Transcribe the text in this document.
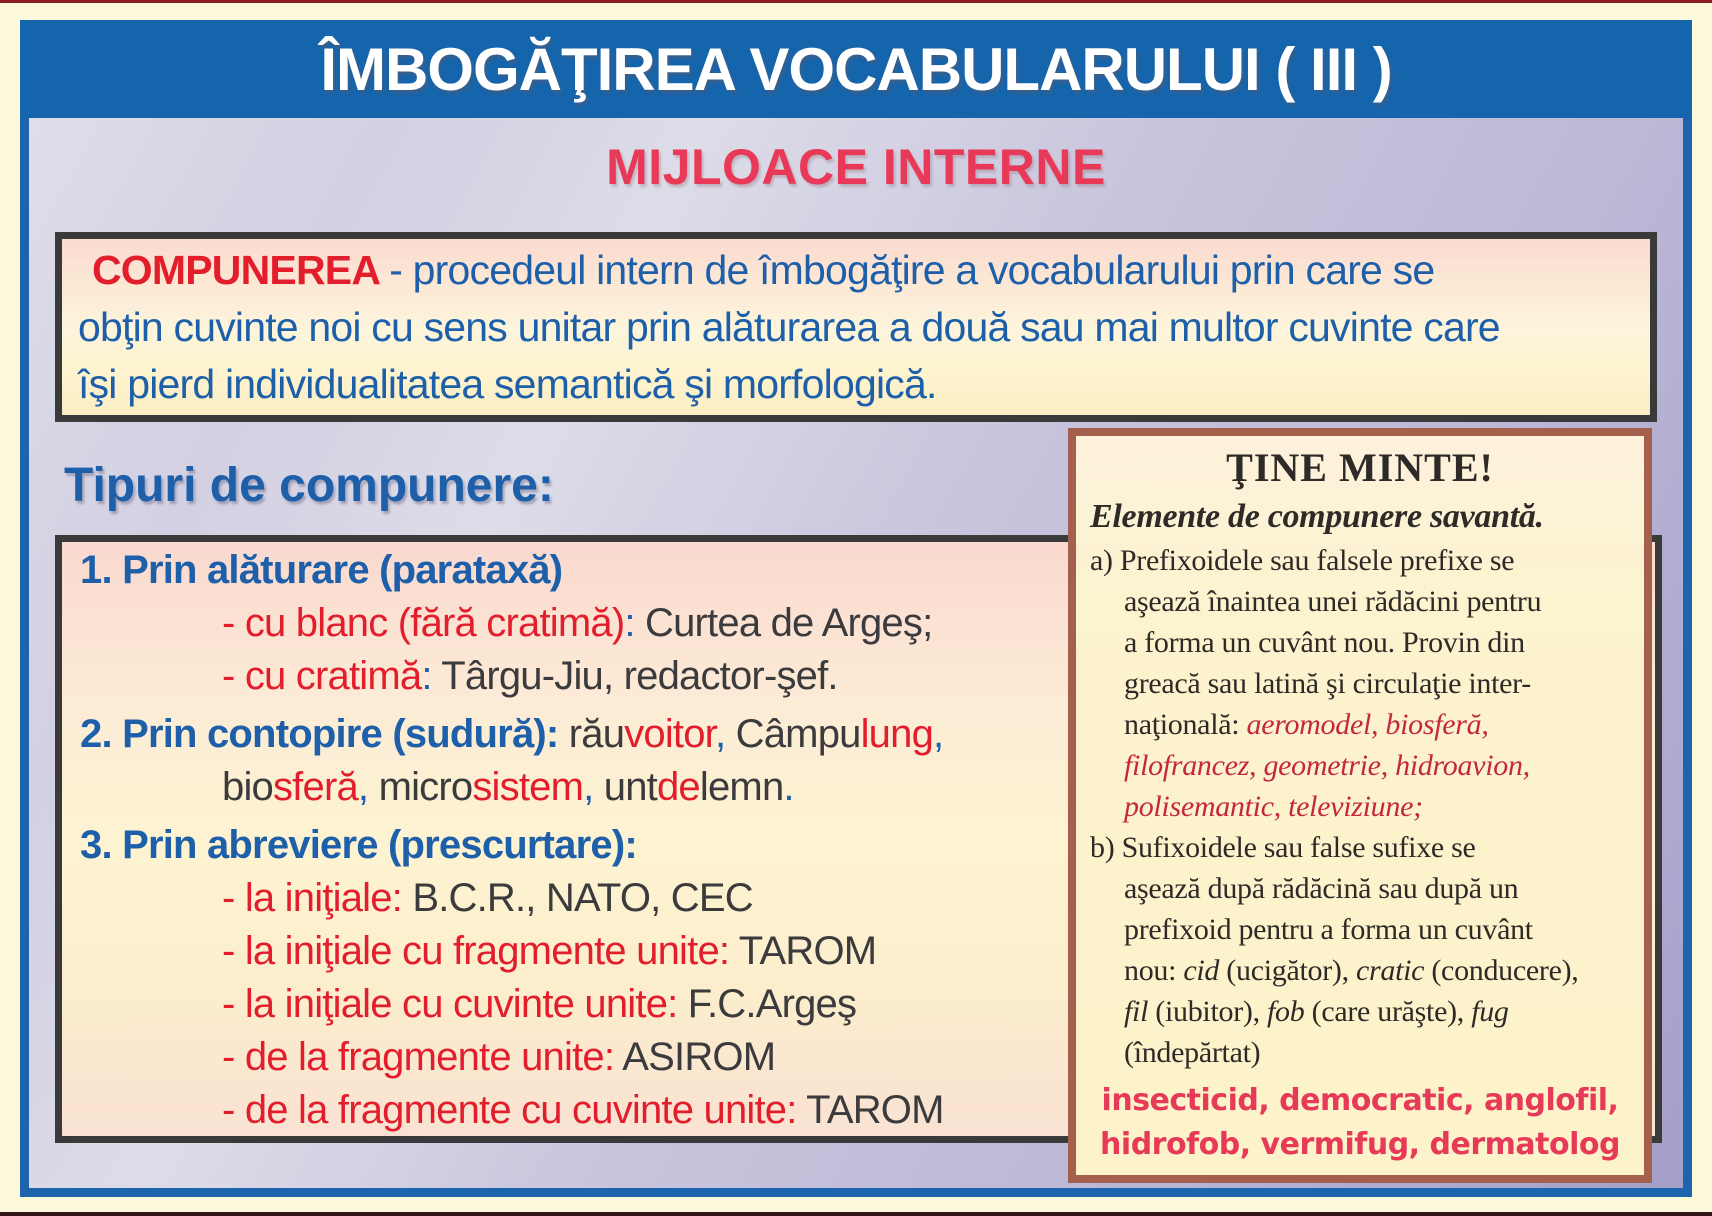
ÎMBOGĂŢIREA VOCABULARULUI ( III )
MIJLOACE INTERNE
COMPUNEREA - procedeul intern de îmbogăţire a vocabularului prin care se
obţin cuvinte noi cu sens unitar prin alăturarea a două sau mai multor cuvinte care
îşi pierd individualitatea semantică şi morfologică.
Tipuri de compunere:
1. Prin alăturare (parataxă)
- cu blanc (fără cratimă): Curtea de Argeş;
- cu cratimă: Târgu-Jiu, redactor-şef.
2. Prin contopire (sudură): răuvoitor, Câmpulung,
biosferă, microsistem, untdelemn.
3. Prin abreviere (prescurtare):
- la iniţiale: B.C.R., NATO, CEC
- la iniţiale cu fragmente unite: TAROM
- la iniţiale cu cuvinte unite: F.C.Argeş
- de la fragmente unite: ASIROM
- de la fragmente cu cuvinte unite: TAROM
ŢINE MINTE!
Elemente de compunere savantă.
a) Prefixoidele sau falsele prefixe se
aşează înaintea unei rădăcini pentru
a forma un cuvânt nou. Provin din
greacă sau latină şi circulaţie inter-
naţională: aeromodel, biosferă,
filofrancez, geometrie, hidroavion,
polisemantic, televiziune;
b) Sufixoidele sau false sufixe se
aşează după rădăcină sau după un
prefixoid pentru a forma un cuvânt
nou: cid (ucigător), cratic (conducere),
fil (iubitor), fob (care urăşte), fug
(îndepărtat)
insecticid, democratic, anglofil,
hidrofob, vermifug, dermatolog
